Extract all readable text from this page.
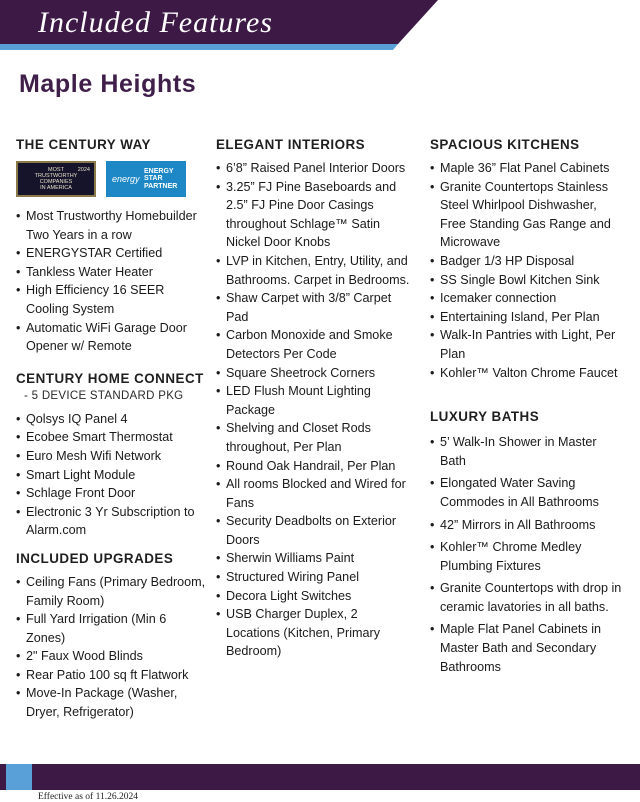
Included Features
Maple Heights
THE CENTURY WAY
MOST
TRUSTWORTHY
COMPANIES
IN AMERICA
2024
energy
ENERGY
STAR
PARTNER
• Most Trustworthy Homebuilder Two Years in a row
• ENERGYSTAR Certified
• Tankless Water Heater
• High Efficiency 16 SEER Cooling System
• Automatic WiFi Garage Door Opener w/ Remote
CENTURY HOME CONNECT
- 5 DEVICE STANDARD PKG
• Qolsys IQ Panel 4
• Ecobee Smart Thermostat
• Euro Mesh Wifi Network
• Smart Light Module
• Schlage Front Door
• Electronic 3 Yr Subscription to Alarm.com
INCLUDED UPGRADES
• Ceiling Fans (Primary Bedroom, Family Room)
• Full Yard Irrigation (Min 6 Zones)
• 2" Faux Wood Blinds
• Rear Patio 100 sq ft Flatwork
• Move-In Package (Washer, Dryer, Refrigerator)
ELEGANT INTERIORS
• 6’8” Raised Panel Interior Doors
• 3.25” FJ Pine Baseboards and 2.5” FJ Pine Door Casings throughout Schlage™ Satin Nickel Door Knobs
• LVP in Kitchen, Entry, Utility, and Bathrooms. Carpet in Bedrooms.
• Shaw Carpet with 3/8” Carpet Pad
• Carbon Monoxide and Smoke Detectors Per Code
• Square Sheetrock Corners
• LED Flush Mount Lighting Package
• Shelving and Closet Rods throughout, Per Plan
• Round Oak Handrail, Per Plan
• All rooms Blocked and Wired for Fans
• Security Deadbolts on Exterior Doors
• Sherwin Williams Paint
• Structured Wiring Panel
• Decora Light Switches
• USB Charger Duplex, 2 Locations (Kitchen, Primary Bedroom)
SPACIOUS KITCHENS
• Maple 36” Flat Panel Cabinets
• Granite Countertops Stainless Steel Whirlpool Dishwasher, Free Standing Gas Range and Microwave
• Badger 1/3 HP Disposal
• SS Single Bowl Kitchen Sink
• Icemaker connection
• Entertaining Island, Per Plan
• Walk-In Pantries with Light, Per Plan
• Kohler™ Valton Chrome Faucet
LUXURY BATHS
• 5’ Walk-In Shower in Master Bath
• Elongated Water Saving Commodes in All Bathrooms
• 42” Mirrors in All Bathrooms
• Kohler™ Chrome Medley Plumbing Fixtures
• Granite Countertops with drop in ceramic lavatories in all baths.
• Maple Flat Panel Cabinets in Master Bath and Secondary Bathrooms
Effective as of 11.26.2024
